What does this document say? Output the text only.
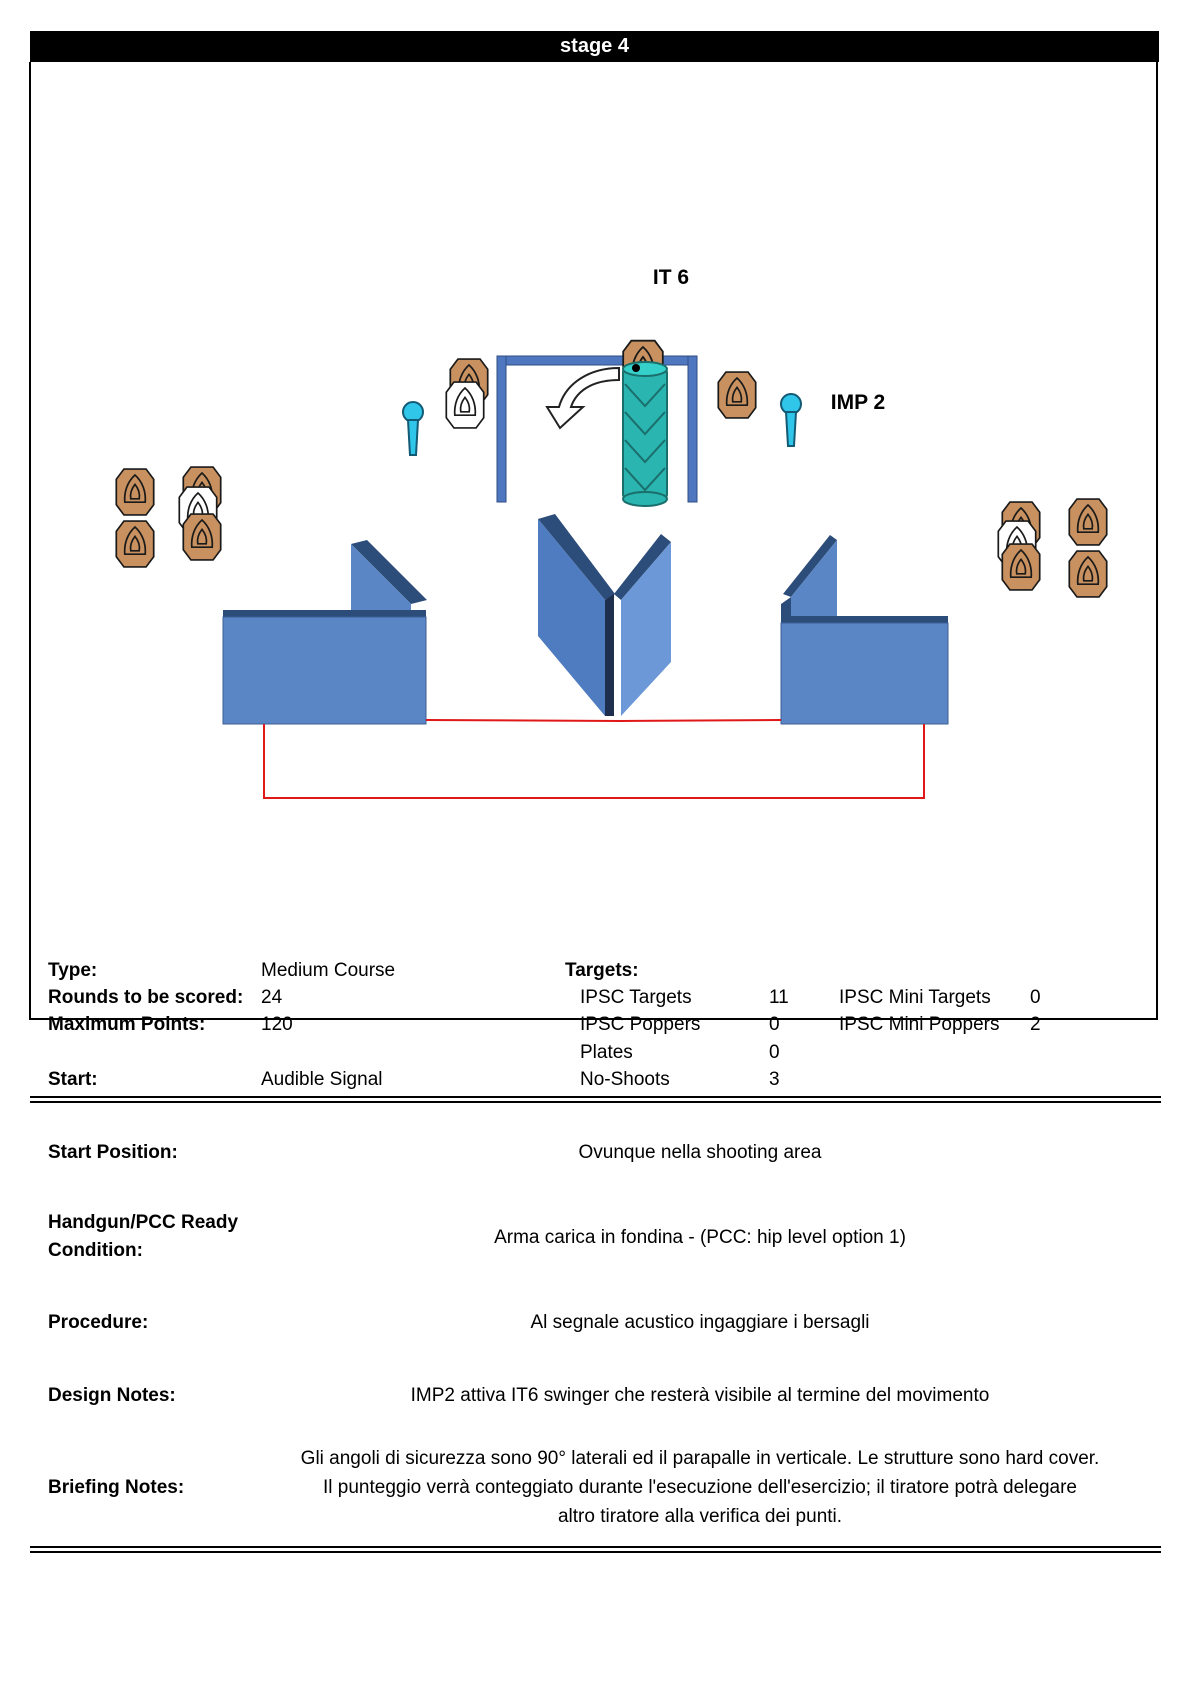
stage 4
IT 6
IMP 2
Type:	Medium Course
Rounds to be scored: 24
Maximum Points:	120
Start:	Audible Signal
Targets:
IPSC Targets	11
IPSC Poppers	0
Plates	0
No-Shoots	3
IPSC Mini Targets 0
IPSC Mini Poppers 2
Start Position:	Ovunque nella shooting area
Handgun/PCC Ready
Condition:
Arma carica in fondina - (PCC: hip level option 1)
Procedure:	Al segnale acustico ingaggiare i bersagli
Design Notes:	IMP2 attiva IT6 swinger che resterà visibile al termine del movimento
Briefing Notes:
Gli angoli di sicurezza sono 90° laterali ed il parapalle in verticale. Le strutture sono hard cover.
Il punteggio verrà conteggiato durante l'esecuzione dell'esercizio; il tiratore potrà delegare
altro tiratore alla verifica dei punti.
